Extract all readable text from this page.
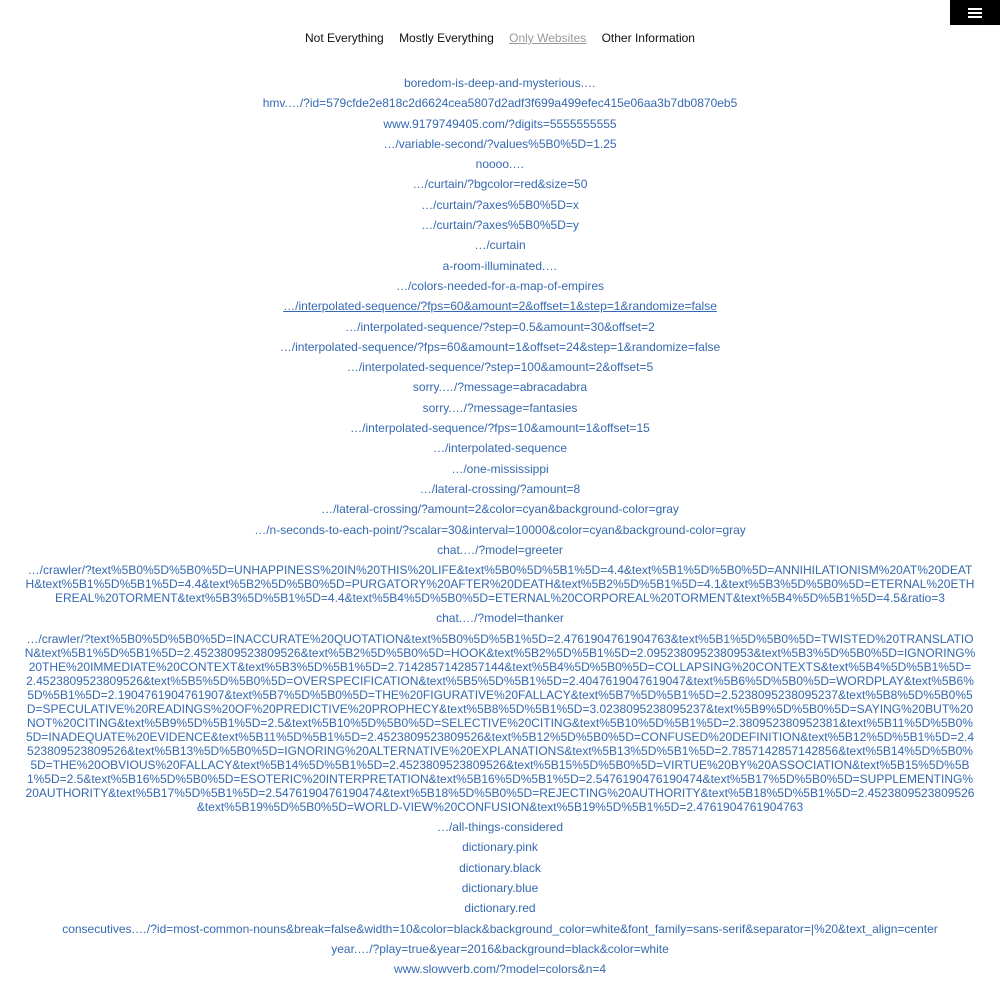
Not Everything Mostly Everything Only Websites Other Information
boredom-is-deep-and-mysterious.…
hmv.…/?id=579cfde2e818c2d6624cea5807d2adf3f699a499efec415e06aa3b7db0870eb5
www.9179749405.com/?digits=5555555555
…/variable-second/?values%5B0%5D=1.25
noooo.…
…/curtain/?bgcolor=red&size=50
…/curtain/?axes%5B0%5D=x
…/curtain/?axes%5B0%5D=y
…/curtain
a-room-illuminated.…
…/colors-needed-for-a-map-of-empires
…/interpolated-sequence/?fps=60&amount=2&offset=1&step=1&randomize=false
…/interpolated-sequence/?step=0.5&amount=30&offset=2
…/interpolated-sequence/?fps=60&amount=1&offset=24&step=1&randomize=false
…/interpolated-sequence/?step=100&amount=2&offset=5
sorry.…/?message=abracadabra
sorry.…/?message=fantasies
…/interpolated-sequence/?fps=10&amount=1&offset=15
…/interpolated-sequence
…/one-mississippi
…/lateral-crossing/?amount=8
…/lateral-crossing/?amount=2&color=cyan&background-color=gray
…/n-seconds-to-each-point/?scalar=30&interval=10000&color=cyan&background-color=gray
chat.…/?model=greeter
…/crawler/?text%5B0%5D%5B0%5D=UNHAPPINESS%20IN%20THIS%20LIFE&text%5B0%5D%5B1%5D=4.4&text%5B1%5D%5B0%5D=ANNIHILATIONISM%20AT%20DEATH&text%5B1%5D%5B1%5D=4.4&text%5B2%5D%5B0%5D=PURGATORY%20AFTER%20DEATH&text%5B2%5D%5B1%5D=4.1&text%5B3%5D%5B0%5D=ETERNAL%20ETHEREAL%20TORMENT&text%5B3%5D%5B1%5D=4.4&text%5B4%5D%5B0%5D=ETERNAL%20CORPOREAL%20TORMENT&text%5B4%5D%5B1%5D=4.5&ratio=3
chat.…/?model=thanker
…/crawler/?text%5B0%5D%5B0%5D=INACCURATE%20QUOTATION&text%5B0%5D%5B1%5D=2.4761904761904763&text%5B1%5D%5B0%5D=TWISTED%20TRANSLATION&text%5B1%5D%5B1%5D=2.4523809523809526&text%5B2%5D%5B0%5D=HOOK&text%5B2%5D%5B1%5D=2.0952380952380953&text%5B3%5D%5B0%5D=IGNORING%20THE%20IMMEDIATE%20CONTEXT&text%5B3%5D%5B1%5D=2.7142857142857144&text%5B4%5D%5B0%5D=COLLAPSING%20CONTEXTS&text%5B4%5D%5B1%5D=2.4523809523809526&text%5B5%5D%5B0%5D=OVERSPECIFICATION&text%5B5%5D%5B1%5D=2.4047619047619047&text%5B6%5D%5B0%5D=WORDPLAY&text%5B6%5D%5B1%5D=2.1904761904761907&text%5B7%5D%5B0%5D=THE%20FIGURATIVE%20FALLACY&text%5B7%5D%5B1%5D=2.5238095238095237&text%5B8%5D%5B0%5D=SPECULATIVE%20READINGS%20OF%20PREDICTIVE%20PROPHECY&text%5B8%5D%5B1%5D=3.0238095238095237&text%5B9%5D%5B0%5D=SAYING%20BUT%20NOT%20CITING&text%5B9%5D%5B1%5D=2.5&text%5B10%5D%5B0%5D=SELECTIVE%20CITING&text%5B10%5D%5B1%5D=2.380952380952381&text%5B11%5D%5B0%5D=INADEQUATE%20EVIDENCE&text%5B11%5D%5B1%5D=2.4523809523809526&text%5B12%5D%5B0%5D=CONFUSED%20DEFINITION&text%5B12%5D%5B1%5D=2.4523809523809526&text%5B13%5D%5B0%5D=IGNORING%20ALTERNATIVE%20EXPLANATIONS&text%5B13%5D%5B1%5D=2.7857142857142856&text%5B14%5D%5B0%5D=THE%20OBVIOUS%20FALLACY&text%5B14%5D%5B1%5D=2.4523809523809526&text%5B15%5D%5B0%5D=VIRTUE%20BY%20ASSOCIATION&text%5B15%5D%5B1%5D=2.5&text%5B16%5D%5B0%5D=ESOTERIC%20INTERPRETATION&text%5B16%5D%5B1%5D=2.5476190476190474&text%5B17%5D%5B0%5D=SUPPLEMENTING%20AUTHORITY&text%5B17%5D%5B1%5D=2.5476190476190474&text%5B18%5D%5B0%5D=REJECTING%20AUTHORITY&text%5B18%5D%5B1%5D=2.4523809523809526&text%5B19%5D%5B0%5D=WORLD-VIEW%20CONFUSION&text%5B19%5D%5B1%5D=2.4761904761904763
…/all-things-considered
dictionary.pink
dictionary.black
dictionary.blue
dictionary.red
consecutives.…/?id=most-common-nouns&break=false&width=10&color=black&background_color=white&font_family=sans-serif&separator=|%20&text_align=center
year.…/?play=true&year=2016&background=black&color=white
www.slowverb.com/?model=colors&n=4
